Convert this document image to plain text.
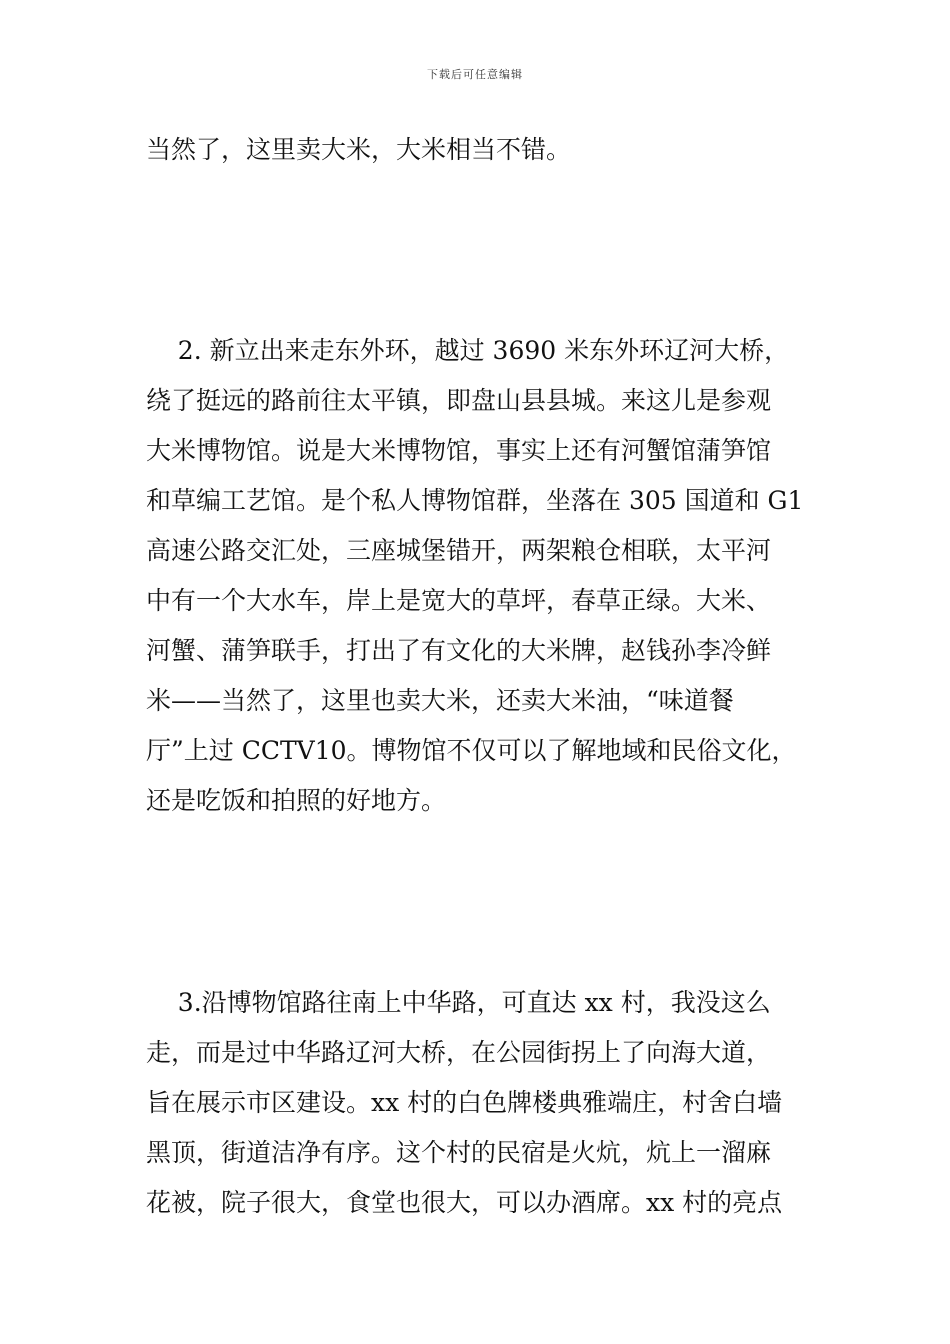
下载后可任意编辑
当然了，这里卖大米，大米相当不错。
2. 新立出来走东外环，越过 3690 米东外环辽河大桥，
绕了挺远的路前往太平镇，即盘山县县城。来这儿是参观
大米博物馆。说是大米博物馆，事实上还有河蟹馆蒲笋馆
和草编工艺馆。是个私人博物馆群，坐落在 305 国道和 G1
高速公路交汇处，三座城堡错开，两架粮仓相联，太平河
中有一个大水车，岸上是宽大的草坪，春草正绿。大米、
河蟹、蒲笋联手，打出了有文化的大米牌，赵钱孙李冷鲜
米——当然了，这里也卖大米，还卖大米油，“味道餐
厅”上过 CCTV10。博物馆不仅可以了解地域和民俗文化，
还是吃饭和拍照的好地方。
3.沿博物馆路往南上中华路，可直达 xx 村，我没这么
走，而是过中华路辽河大桥，在公园街拐上了向海大道，
旨在展示市区建设。xx 村的白色牌楼典雅端庄，村舍白墙
黑顶，街道洁净有序。这个村的民宿是火炕，炕上一溜麻
花被，院子很大，食堂也很大，可以办酒席。xx 村的亮点
